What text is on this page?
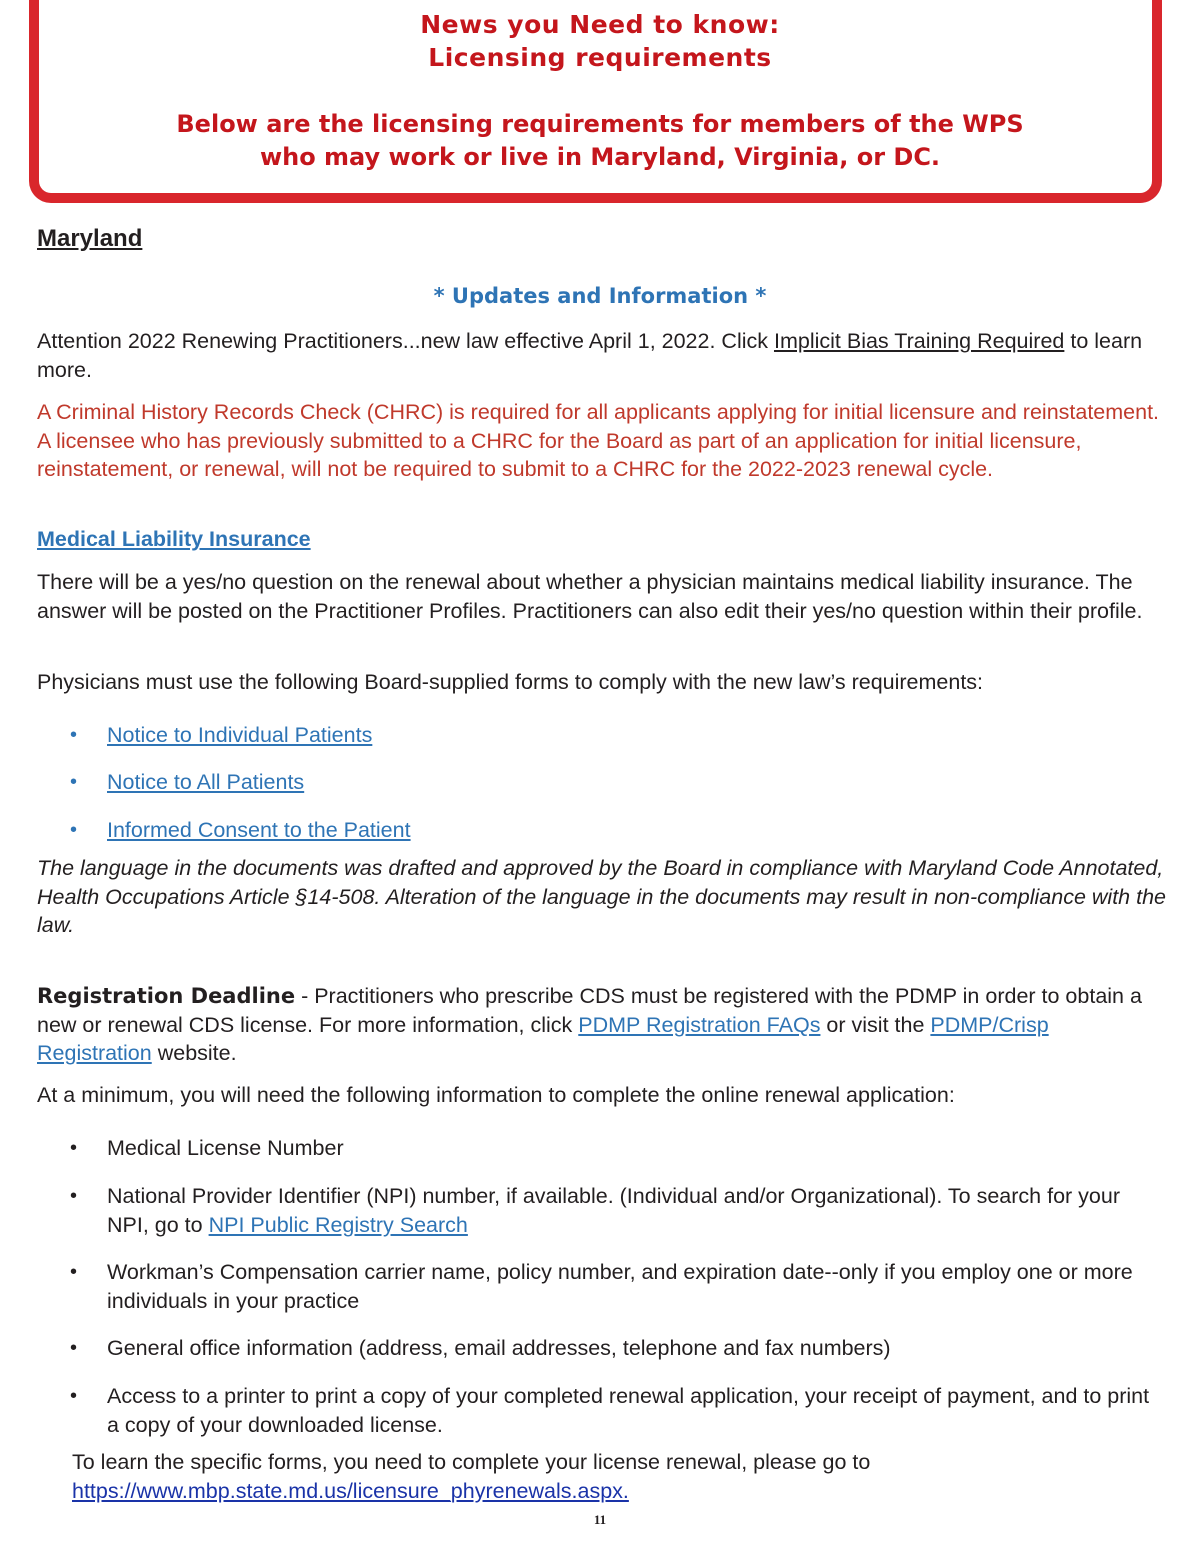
News you Need to know:
Licensing requirements
Below are the licensing requirements for members of the WPS
who may work or live in Maryland, Virginia, or DC.
Maryland
* Updates and Information *
Attention 2022 Renewing Practitioners...new law effective April 1, 2022. Click Implicit Bias Training Required to learn more.
A Criminal History Records Check (CHRC) is required for all applicants applying for initial licensure and reinstatement. A licensee who has previously submitted to a CHRC for the Board as part of an application for initial licensure, reinstatement, or renewal, will not be required to submit to a CHRC for the 2022-2023 renewal cycle.
Medical Liability Insurance
There will be a yes/no question on the renewal about whether a physician maintains medical liability insurance. The answer will be posted on the Practitioner Profiles. Practitioners can also edit their yes/no question within their profile.
Physicians must use the following Board-supplied forms to comply with the new law’s requirements:
• Notice to Individual Patients
• Notice to All Patients
• Informed Consent to the Patient
The language in the documents was drafted and approved by the Board in compliance with Maryland Code Annotated, Health Occupations Article §14-508. Alteration of the language in the documents may result in non-compliance with the law.
Registration Deadline - Practitioners who prescribe CDS must be registered with the PDMP in order to obtain a new or renewal CDS license. For more information, click PDMP Registration FAQs or visit the PDMP/Crisp Registration website.
At a minimum, you will need the following information to complete the online renewal application:
• Medical License Number
• National Provider Identifier (NPI) number, if available. (Individual and/or Organizational). To search for your NPI, go to NPI Public Registry Search
• Workman’s Compensation carrier name, policy number, and expiration date--only if you employ one or more individuals in your practice
• General office information (address, email addresses, telephone and fax numbers)
• Access to a printer to print a copy of your completed renewal application, your receipt of payment, and to print a copy of your downloaded license.
To learn the specific forms, you need to complete your license renewal, please go to https://www.mbp.state.md.us/licensure_phyrenewals.aspx.
11
